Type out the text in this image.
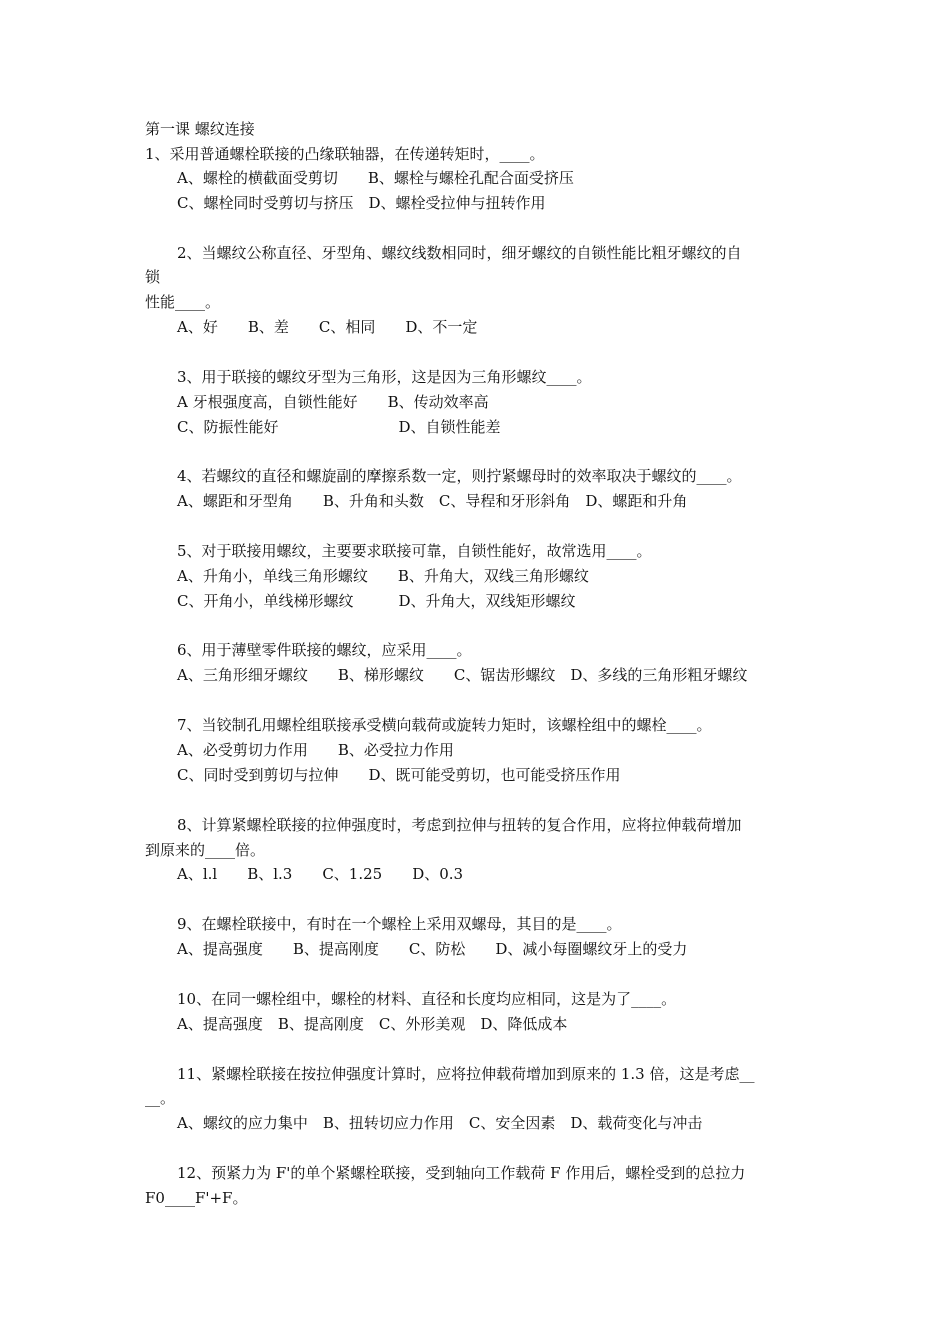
第一课 螺纹连接
1、采用普通螺栓联接的凸缘联轴器，在传递转矩时，____。
A、螺栓的横截面受剪切　　B、螺栓与螺栓孔配合面受挤压
C、螺栓同时受剪切与挤压　D、螺栓受拉伸与扭转作用
2、当螺纹公称直径、牙型角、螺纹线数相同时，细牙螺纹的自锁性能比粗牙螺纹的自
锁
性能____。
A、好　　B、差　　C、相同　　D、不一定
3、用于联接的螺纹牙型为三角形，这是因为三角形螺纹____。
A 牙根强度高，自锁性能好　　B、传动效率高
C、防振性能好　　　　　　　　D、自锁性能差
4、若螺纹的直径和螺旋副的摩擦系数一定，则拧紧螺母时的效率取决于螺纹的____。
A、螺距和牙型角　　B、升角和头数　C、导程和牙形斜角　D、螺距和升角
5、对于联接用螺纹，主要要求联接可靠，自锁性能好，故常选用____。
A、升角小，单线三角形螺纹　　B、升角大，双线三角形螺纹
C、开角小，单线梯形螺纹　　　D、升角大，双线矩形螺纹
6、用于薄壁零件联接的螺纹，应采用____。
A、三角形细牙螺纹　　B、梯形螺纹　　C、锯齿形螺纹　D、多线的三角形粗牙螺纹
7、当铰制孔用螺栓组联接承受横向载荷或旋转力矩时，该螺栓组中的螺栓____。
A、必受剪切力作用　　B、必受拉力作用
C、同时受到剪切与拉伸　　D、既可能受剪切，也可能受挤压作用
8、计算紧螺栓联接的拉伸强度时，考虑到拉伸与扭转的复合作用，应将拉伸载荷增加
到原来的____倍。
A、l.l　　B、l.3　　C、1.25　　D、0.3
9、在螺栓联接中，有时在一个螺栓上采用双螺母，其目的是____。
A、提高强度　　B、提高刚度　　C、防松　　D、减小每圈螺纹牙上的受力
10、在同一螺栓组中，螺栓的材料、直径和长度均应相同，这是为了____。
A、提高强度　B、提高刚度　C、外形美观　D、降低成本
11、紧螺栓联接在按拉伸强度计算时，应将拉伸载荷增加到原来的 1.3 倍，这是考虑__
__。
A、螺纹的应力集中　B、扭转切应力作用　C、安全因素　D、载荷变化与冲击
12、预紧力为 F'的单个紧螺栓联接，受到轴向工作载荷 F 作用后，螺栓受到的总拉力
F0____F'+F。
